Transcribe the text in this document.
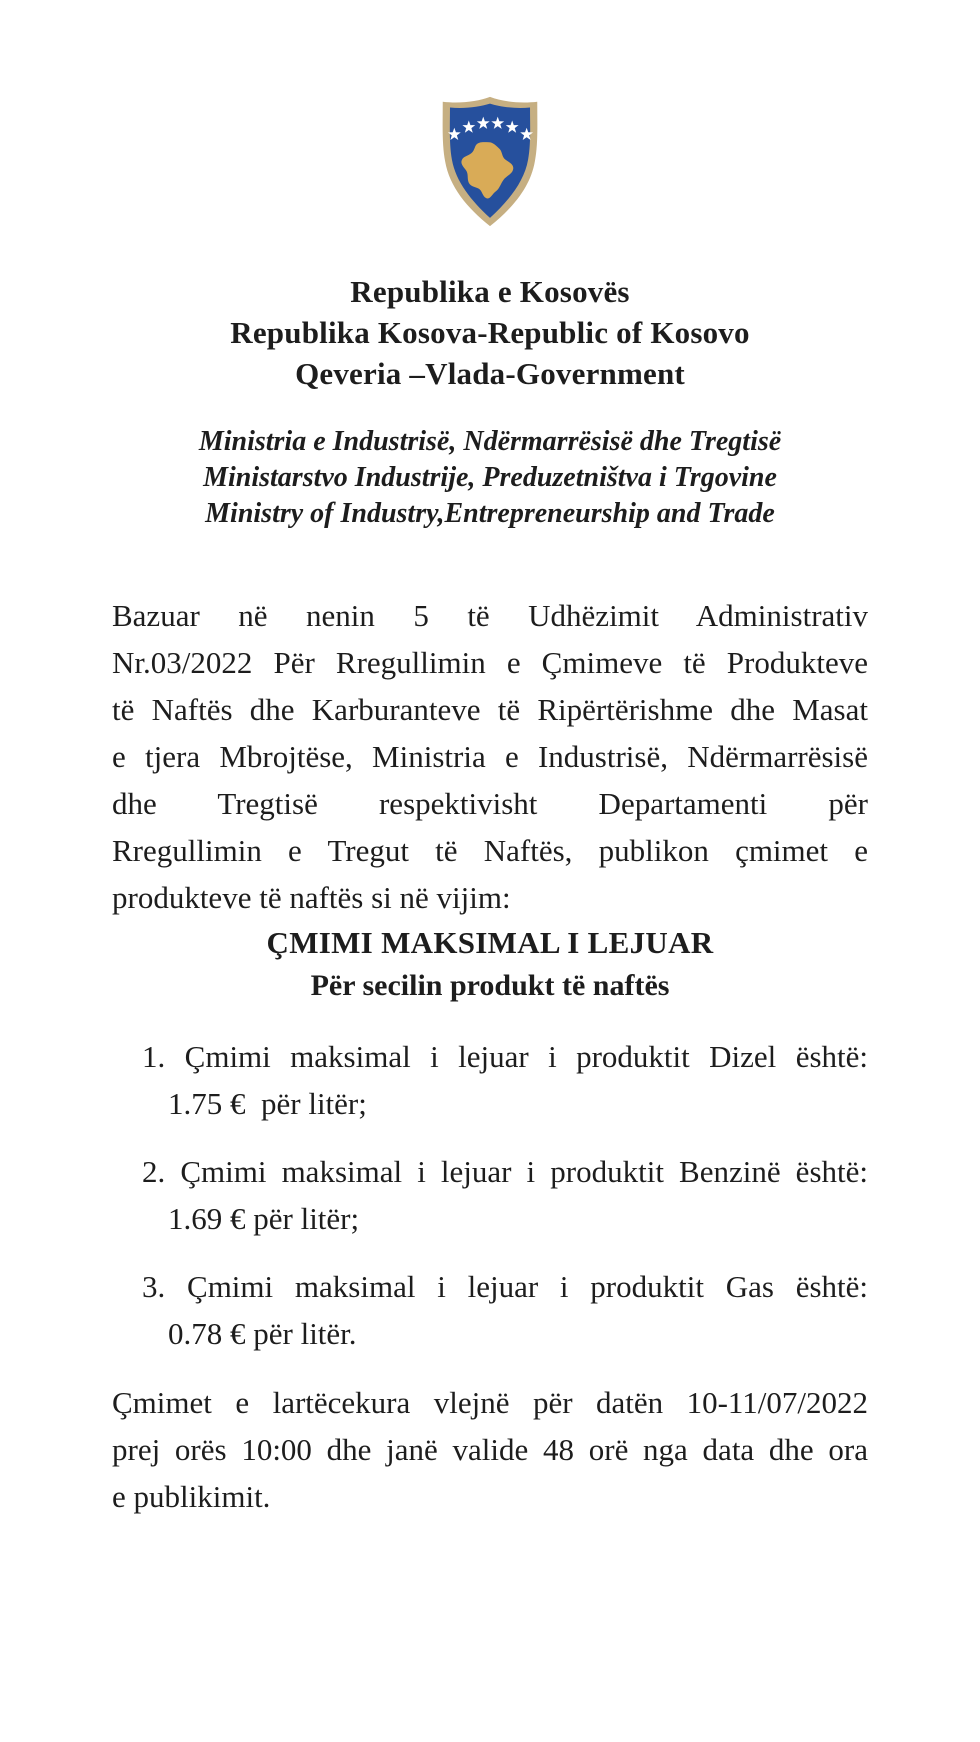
Republika e Kosovës
Republika Kosova-Republic of Kosovo
Qeveria –Vlada-Government
Ministria e Industrisë, Ndërmarrësisë dhe Tregtisë
Ministarstvo Industrije, Preduzetništva i Trgovine
Ministry of Industry,Entrepreneurship and Trade
Bazuar në nenin 5 të Udhëzimit Administrativ
Nr.03/2022 Për Rregullimin e Çmimeve të Produkteve
të Naftës dhe Karburanteve të Ripërtërishme dhe Masat
e tjera Mbrojtëse, Ministria e Industrisë, Ndërmarrësisë
dhe Tregtisë respektivisht Departamenti për
Rregullimin e Tregut të Naftës, publikon çmimet e
produkteve të naftës si në vijim:
ÇMIMI MAKSIMAL I LEJUAR
Për secilin produkt të naftës
1. Çmimi maksimal i lejuar i produktit Dizel është:
1.75 €  për litër;
2. Çmimi maksimal i lejuar i produktit Benzinë është:
1.69 € për litër;
3. Çmimi maksimal i lejuar i produktit Gas është:
0.78 € për litër.
Çmimet e lartëcekura vlejnë për datën 10-11/07/2022
prej orës 10:00 dhe janë valide 48 orë nga data dhe ora
e publikimit.
